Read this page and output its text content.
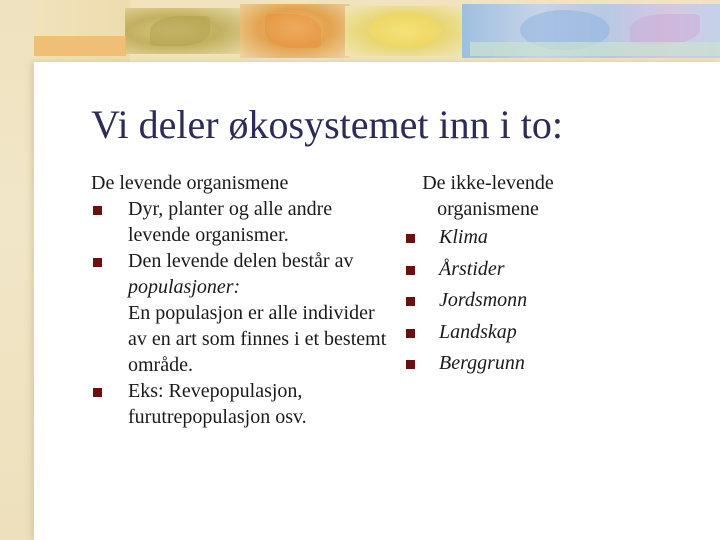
Vi deler økosystemet inn i to:
De levende organismene
Dyr, planter og alle andre levende organismer.
Den levende delen består av populasjoner:
En populasjon er alle individer av en art som finnes i et bestemt område.
Eks: Revepopulasjon, furutrepopulasjon osv.
De ikke-levende organismene
Klima
Årstider
Jordsmonn
Landskap
Berggrunn
